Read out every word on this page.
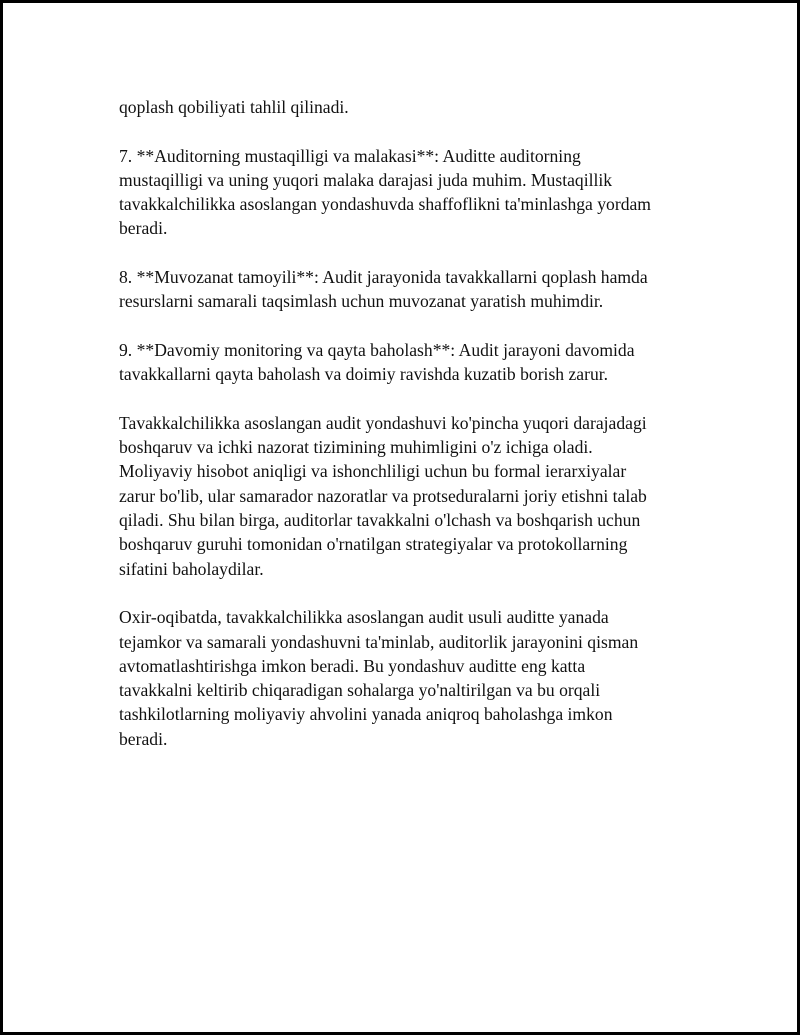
qoplash qobiliyati tahlil qilinadi.

7. **Auditorning mustaqilligi va malakasi**: Auditte auditorning
mustaqilligi va uning yuqori malaka darajasi juda muhim. Mustaqillik
tavakkalchilikka asoslangan yondashuvda shaffoflikni ta'minlashga yordam
beradi.

8. **Muvozanat tamoyili**: Audit jarayonida tavakkallarni qoplash hamda
resurslarni samarali taqsimlash uchun muvozanat yaratish muhimdir.

9. **Davomiy monitoring va qayta baholash**: Audit jarayoni davomida
tavakkallarni qayta baholash va doimiy ravishda kuzatib borish zarur.

Tavakkalchilikka asoslangan audit yondashuvi ko'pincha yuqori darajadagi
boshqaruv va ichki nazorat tizimining muhimligini o'z ichiga oladi.
Moliyaviy hisobot aniqligi va ishonchliligi uchun bu formal ierarxiyalar
zarur bo'lib, ular samarador nazoratlar va protseduralarni joriy etishni talab
qiladi. Shu bilan birga, auditorlar tavakkalni o'lchash va boshqarish uchun
boshqaruv guruhi tomonidan o'rnatilgan strategiyalar va protokollarning
sifatini baholaydilar.

Oxir-oqibatda, tavakkalchilikka asoslangan audit usuli auditte yanada
tejamkor va samarali yondashuvni ta'minlab, auditorlik jarayonini qisman
avtomatlashtirishga imkon beradi. Bu yondashuv auditte eng katta
tavakkalni keltirib chiqaradigan sohalarga yo'naltirilgan va bu orqali
tashkilotlarning moliyaviy ahvolini yanada aniqroq baholashga imkon
beradi.
